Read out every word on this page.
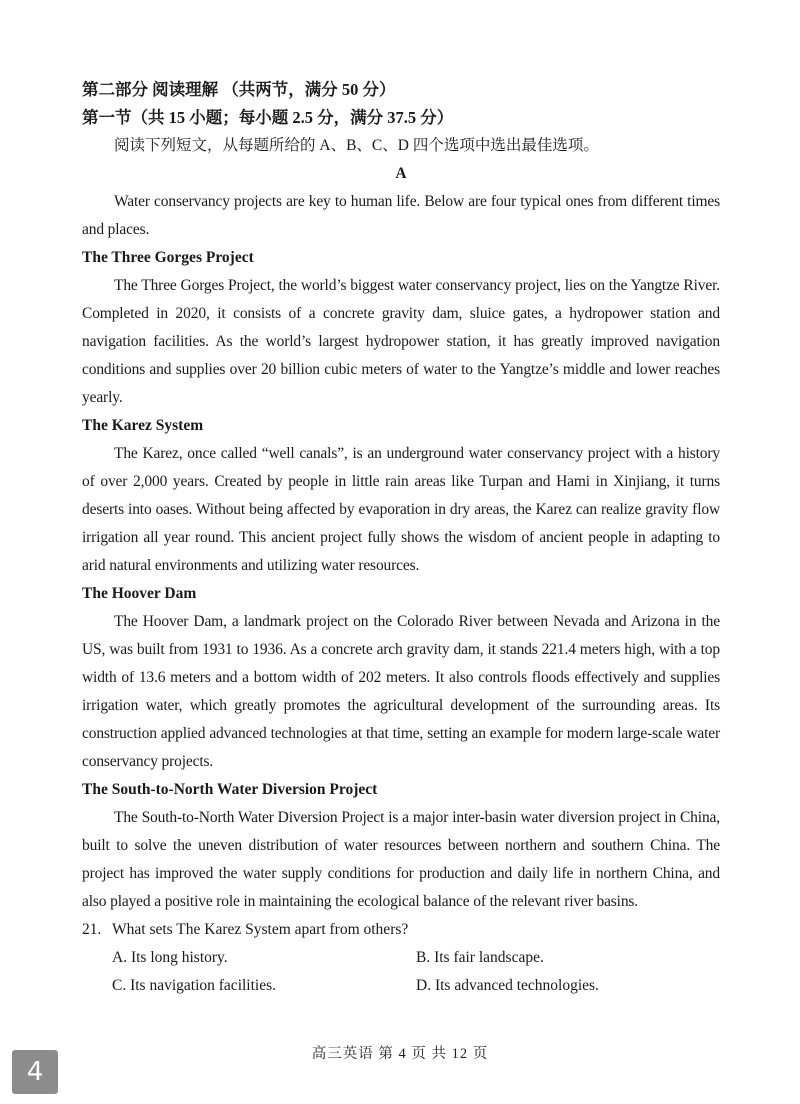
第二部分 阅读理解 （共两节，满分 50 分）
第一节（共 15 小题；每小题 2.5 分，满分 37.5 分）
阅读下列短文，从每题所给的 A、B、C、D 四个选项中选出最佳选项。
A

Water conservancy projects are key to human life. Below are four typical ones from different times and places.

The Three Gorges Project

The Three Gorges Project, the world’s biggest water conservancy project, lies on the Yangtze River. Completed in 2020, it consists of a concrete gravity dam, sluice gates, a hydropower station and navigation facilities. As the world’s largest hydropower station, it has greatly improved navigation conditions and supplies over 20 billion cubic meters of water to the Yangtze’s middle and lower reaches yearly.

The Karez System

The Karez, once called “well canals”, is an underground water conservancy project with a history of over 2,000 years. Created by people in little rain areas like Turpan and Hami in Xinjiang, it turns deserts into oases. Without being affected by evaporation in dry areas, the Karez can realize gravity flow irrigation all year round. This ancient project fully shows the wisdom of ancient people in adapting to arid natural environments and utilizing water resources.

The Hoover Dam

The Hoover Dam, a landmark project on the Colorado River between Nevada and Arizona in the US, was built from 1931 to 1936. As a concrete arch gravity dam, it stands 221.4 meters high, with a top width of 13.6 meters and a bottom width of 202 meters. It also controls floods effectively and supplies irrigation water, which greatly promotes the agricultural development of the surrounding areas. Its construction applied advanced technologies at that time, setting an example for modern large-scale water conservancy projects.

The South-to-North Water Diversion Project

The South-to-North Water Diversion Project is a major inter-basin water diversion project in China, built to solve the uneven distribution of water resources between northern and southern China. The project has improved the water supply conditions for production and daily life in northern China, and also played a positive role in maintaining the ecological balance of the relevant river basins.

21. What sets The Karez System apart from others?
A. Its long history.	B. Its fair landscape.
C. Its navigation facilities.	D. Its advanced technologies.
高三英语 第 4 页 共 12 页
4
